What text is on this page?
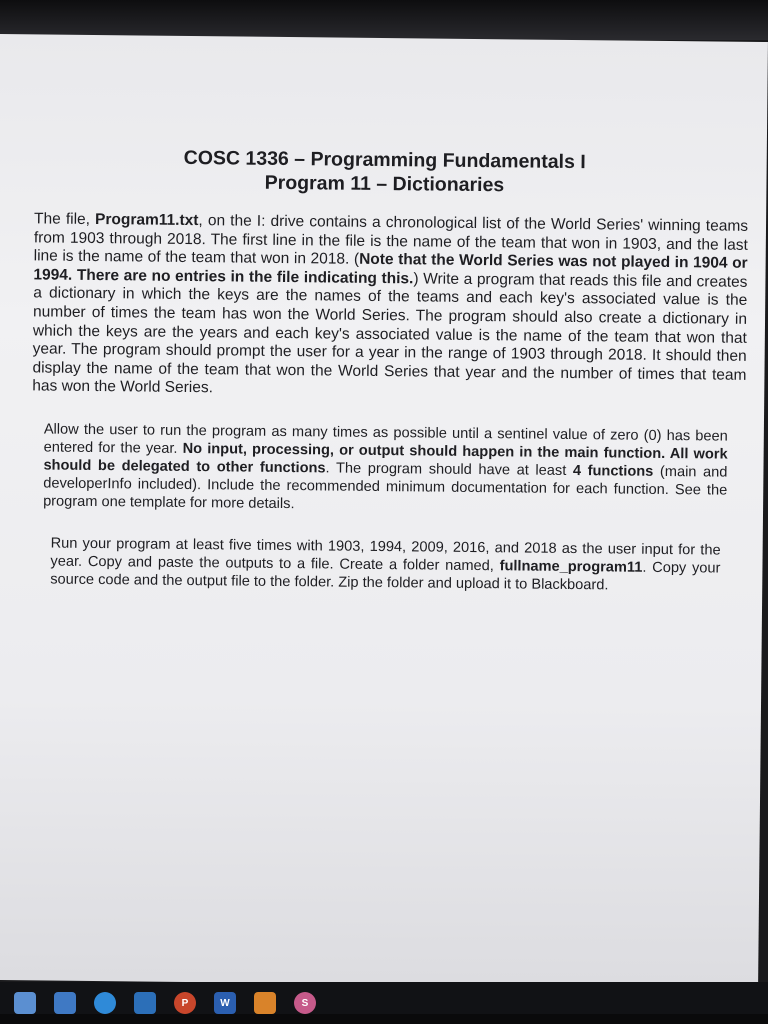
COSC 1336 – Programming Fundamentals I
Program 11 – Dictionaries
The file, Program11.txt, on the I: drive contains a chronological list of the World Series' winning teams from 1903 through 2018. The first line in the file is the name of the team that won in 1903, and the last line is the name of the team that won in 2018. (Note that the World Series was not played in 1904 or 1994. There are no entries in the file indicating this.) Write a program that reads this file and creates a dictionary in which the keys are the names of the teams and each key's associated value is the number of times the team has won the World Series. The program should also create a dictionary in which the keys are the years and each key's associated value is the name of the team that won that year. The program should prompt the user for a year in the range of 1903 through 2018. It should then display the name of the team that won the World Series that year and the number of times that team has won the World Series.
Allow the user to run the program as many times as possible until a sentinel value of zero (0) has been entered for the year. No input, processing, or output should happen in the main function. All work should be delegated to other functions. The program should have at least 4 functions (main and developerInfo included). Include the recommended minimum documentation for each function. See the program one template for more details.
Run your program at least five times with 1903, 1994, 2009, 2016, and 2018 as the user input for the year. Copy and paste the outputs to a file. Create a folder named, fullname_program11. Copy your source code and the output file to the folder. Zip the folder and upload it to Blackboard.
P	W	S
